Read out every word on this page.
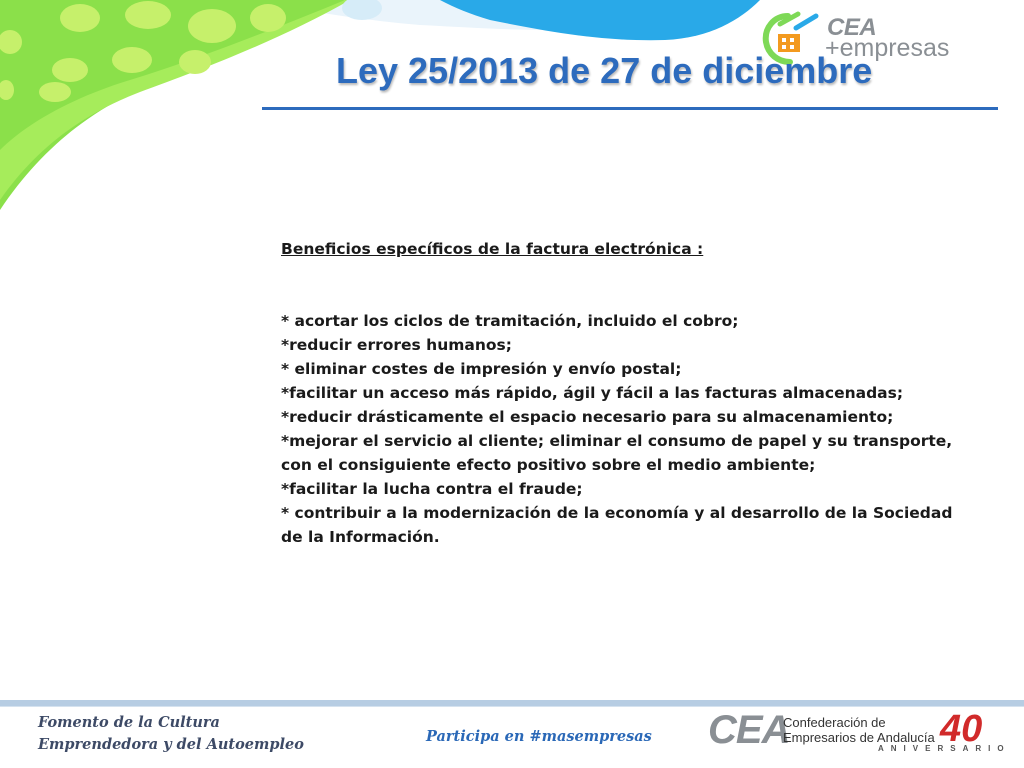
CEA
+empresas
Ley 25/2013 de 27 de diciembre

Beneficios específicos de la factura electrónica :

* acortar los ciclos de tramitación, incluido el cobro;

*reducir errores humanos;

* eliminar costes de impresión y envío postal;

*facilitar un acceso más rápido, ágil y fácil a las facturas almacenadas;

*reducir drásticamente el espacio necesario para su almacenamiento;

*mejorar el servicio al cliente; eliminar el consumo de papel y su transporte, con el consiguiente efecto positivo sobre el medio ambiente;

*facilitar la lucha contra el fraude;

* contribuir a la modernización de la economía y al desarrollo de la Sociedad de la Información.

Fomento de la Cultura
Emprendedora y del Autoempleo	Participa en #masempresas CEA
Confederación de
Empresarios de Andalucía 40
ANIVERSARIO
